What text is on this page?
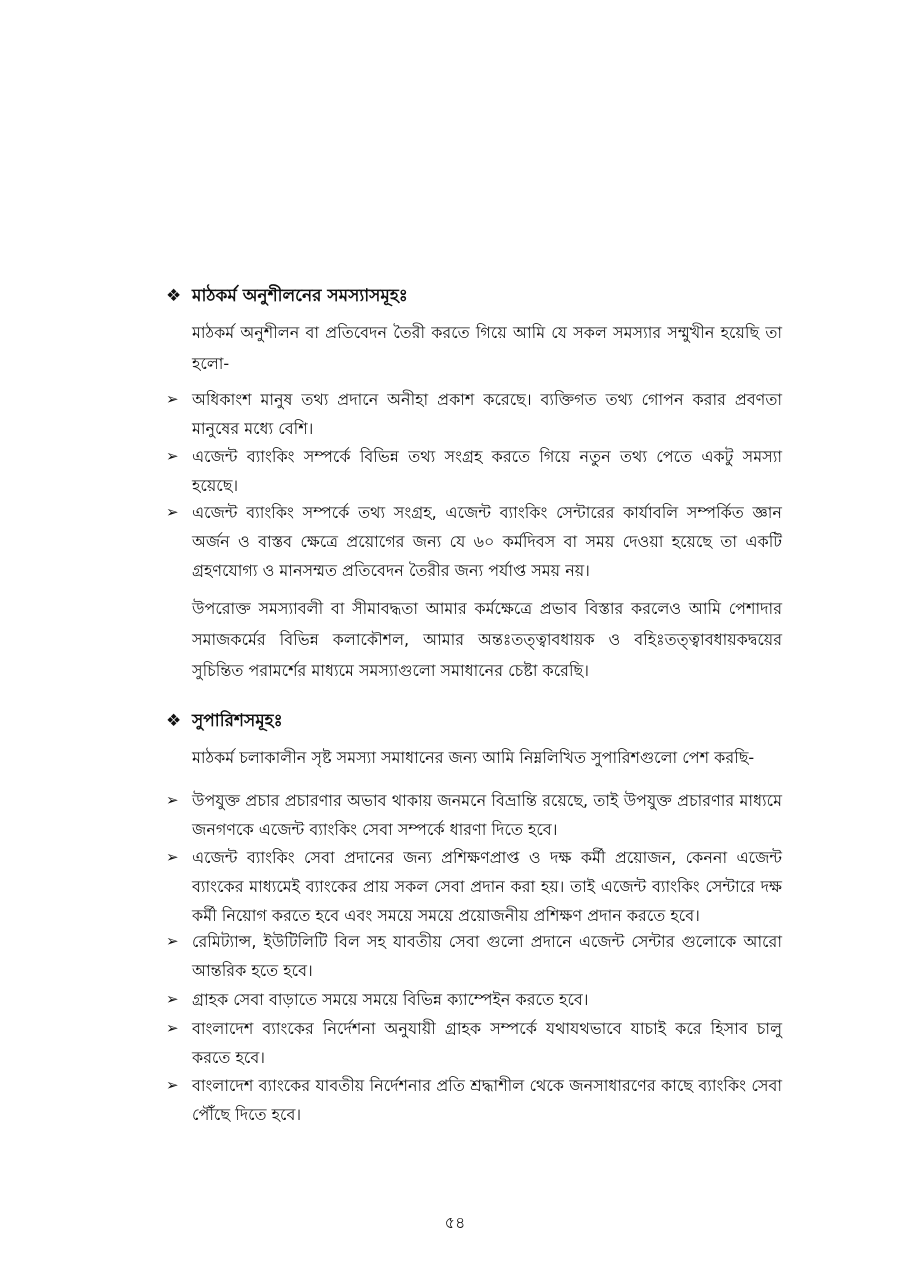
❖ মাঠকর্ম অনুশীলনের সমস্যাসমূহঃ
মাঠকর্ম অনুশীলন বা প্রতিবেদন তৈরী করতে গিয়ে আমি যে সকল সমস্যার সম্মুখীন হয়েছি তা হলো-
➢ অধিকাংশ মানুষ তথ্য প্রদানে অনীহা প্রকাশ করেছে। ব্যক্তিগত তথ্য গোপন করার প্রবণতা মানুষের মধ্যে বেশি।
➢ এজেন্ট ব্যাংকিং সম্পর্কে বিভিন্ন তথ্য সংগ্রহ করতে গিয়ে নতুন তথ্য পেতে একটু সমস্যা হয়েছে।
➢ এজেন্ট ব্যাংকিং সম্পর্কে তথ্য সংগ্রহ, এজেন্ট ব্যাংকিং সেন্টারের কার্যাবলি সম্পর্কিত জ্ঞান অর্জন ও বাস্তব ক্ষেত্রে প্রয়োগের জন্য যে ৬০ কর্মদিবস বা সময় দেওয়া হয়েছে তা একটি গ্রহণযোগ্য ও মানসম্মত প্রতিবেদন তৈরীর জন্য পর্যাপ্ত সময় নয়।
উপরোক্ত সমস্যাবলী বা সীমাবদ্ধতা আমার কর্মক্ষেত্রে প্রভাব বিস্তার করলেও আমি পেশাদার সমাজকর্মের বিভিন্ন কলাকৌশল, আমার অন্তঃতত্ত্বাবধায়ক ও বহিঃতত্ত্বাবধায়কদ্বয়ের সুচিন্তিত পরামর্শের মাধ্যমে সমস্যাগুলো সমাধানের চেষ্টা করেছি।
❖ সুপারিশসমূহঃ
মাঠকর্ম চলাকালীন সৃষ্ট সমস্যা সমাধানের জন্য আমি নিম্নলিখিত সুপারিশগুলো পেশ করছি-
➢ উপযুক্ত প্রচার প্রচারণার অভাব থাকায় জনমনে বিভ্রান্তি রয়েছে, তাই উপযুক্ত প্রচারণার মাধ্যমে জনগণকে এজেন্ট ব্যাংকিং সেবা সম্পর্কে ধারণা দিতে হবে।
➢ এজেন্ট ব্যাংকিং সেবা প্রদানের জন্য প্রশিক্ষণপ্রাপ্ত ও দক্ষ কর্মী প্রয়োজন, কেননা এজেন্ট ব্যাংকের মাধ্যমেই ব্যাংকের প্রায় সকল সেবা প্রদান করা হয়। তাই এজেন্ট ব্যাংকিং সেন্টারে দক্ষ কর্মী নিয়োগ করতে হবে এবং সময়ে সময়ে প্রয়োজনীয় প্রশিক্ষণ প্রদান করতে হবে।
➢ রেমিট্যান্স, ইউটিলিটি বিল সহ যাবতীয় সেবা গুলো প্রদানে এজেন্ট সেন্টার গুলোকে আরো আন্তরিক হতে হবে।
➢ গ্রাহক সেবা বাড়াতে সময়ে সময়ে বিভিন্ন ক্যাম্পেইন করতে হবে।
➢ বাংলাদেশ ব্যাংকের নির্দেশনা অনুযায়ী গ্রাহক সম্পর্কে যথাযথভাবে যাচাই করে হিসাব চালু করতে হবে।
➢ বাংলাদেশ ব্যাংকের যাবতীয় নির্দেশনার প্রতি শ্রদ্ধাশীল থেকে জনসাধারণের কাছে ব্যাংকিং সেবা পৌঁছে দিতে হবে।
৫৪
